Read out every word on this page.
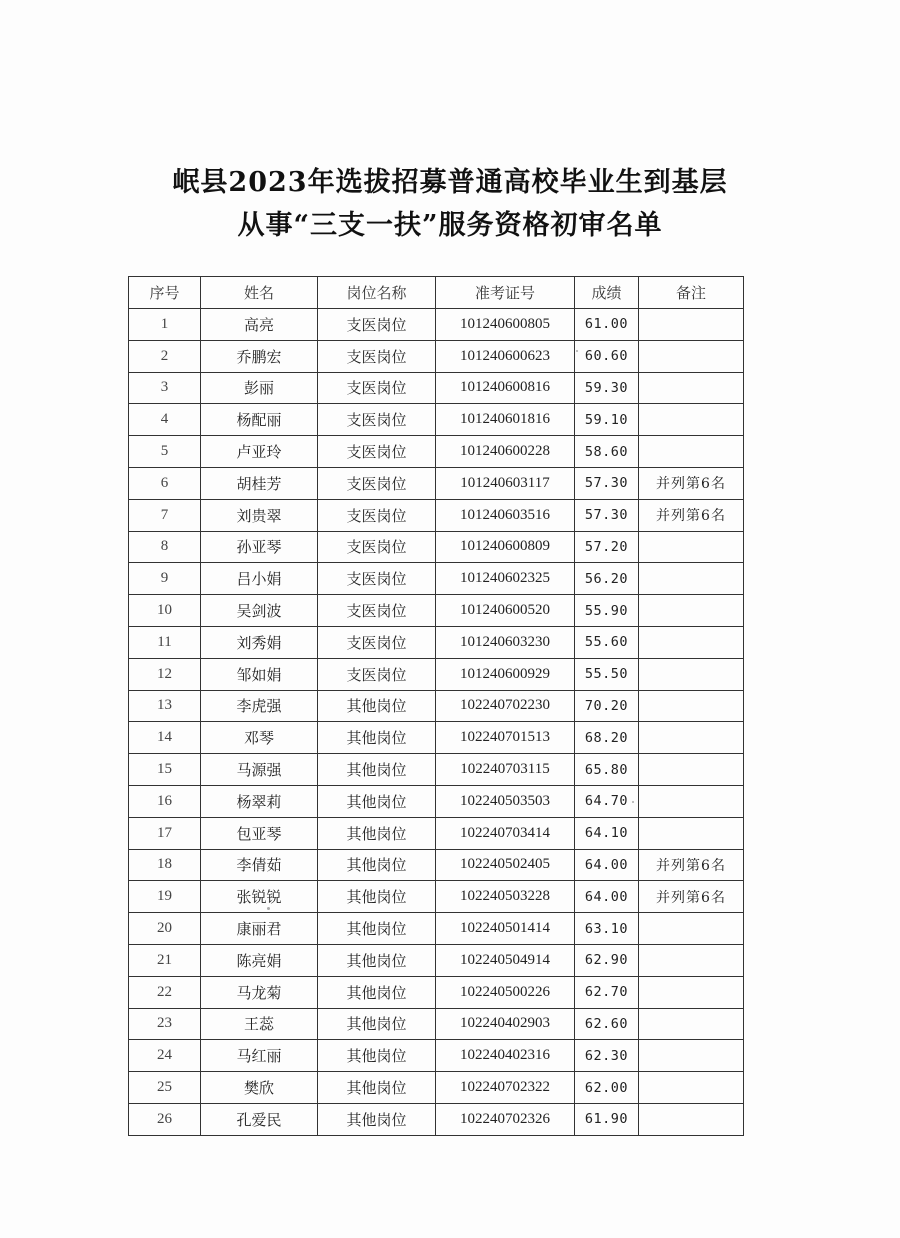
岷县2023年选拔招募普通高校毕业生到基层
从事“三支一扶”服务资格初审名单
序号	姓名	岗位名称	准考证号	成绩	备注
1	高亮	支医岗位	101240600805	61.00	
2	乔鹏宏	支医岗位	101240600623	60.60	
3	彭丽	支医岗位	101240600816	59.30	
4	杨配丽	支医岗位	101240601816	59.10	
5	卢亚玲	支医岗位	101240600228	58.60	
6	胡桂芳	支医岗位	101240603117	57.30	并列第6名
7	刘贵翠	支医岗位	101240603516	57.30	并列第6名
8	孙亚琴	支医岗位	101240600809	57.20	
9	吕小娟	支医岗位	101240602325	56.20	
10	吴剑波	支医岗位	101240600520	55.90	
11	刘秀娟	支医岗位	101240603230	55.60	
12	邹如娟	支医岗位	101240600929	55.50	
13	李虎强	其他岗位	102240702230	70.20	
14	邓琴	其他岗位	102240701513	68.20	
15	马源强	其他岗位	102240703115	65.80	
16	杨翠莉	其他岗位	102240503503	64.70	
17	包亚琴	其他岗位	102240703414	64.10	
18	李倩茹	其他岗位	102240502405	64.00	并列第6名
19	张锐锐	其他岗位	102240503228	64.00	并列第6名
20	康丽君	其他岗位	102240501414	63.10	
21	陈亮娟	其他岗位	102240504914	62.90	
22	马龙菊	其他岗位	102240500226	62.70	
23	王蕊	其他岗位	102240402903	62.60	
24	马红丽	其他岗位	102240402316	62.30	
25	樊欣	其他岗位	102240702322	62.00	
26	孔爱民	其他岗位	102240702326	61.90	
